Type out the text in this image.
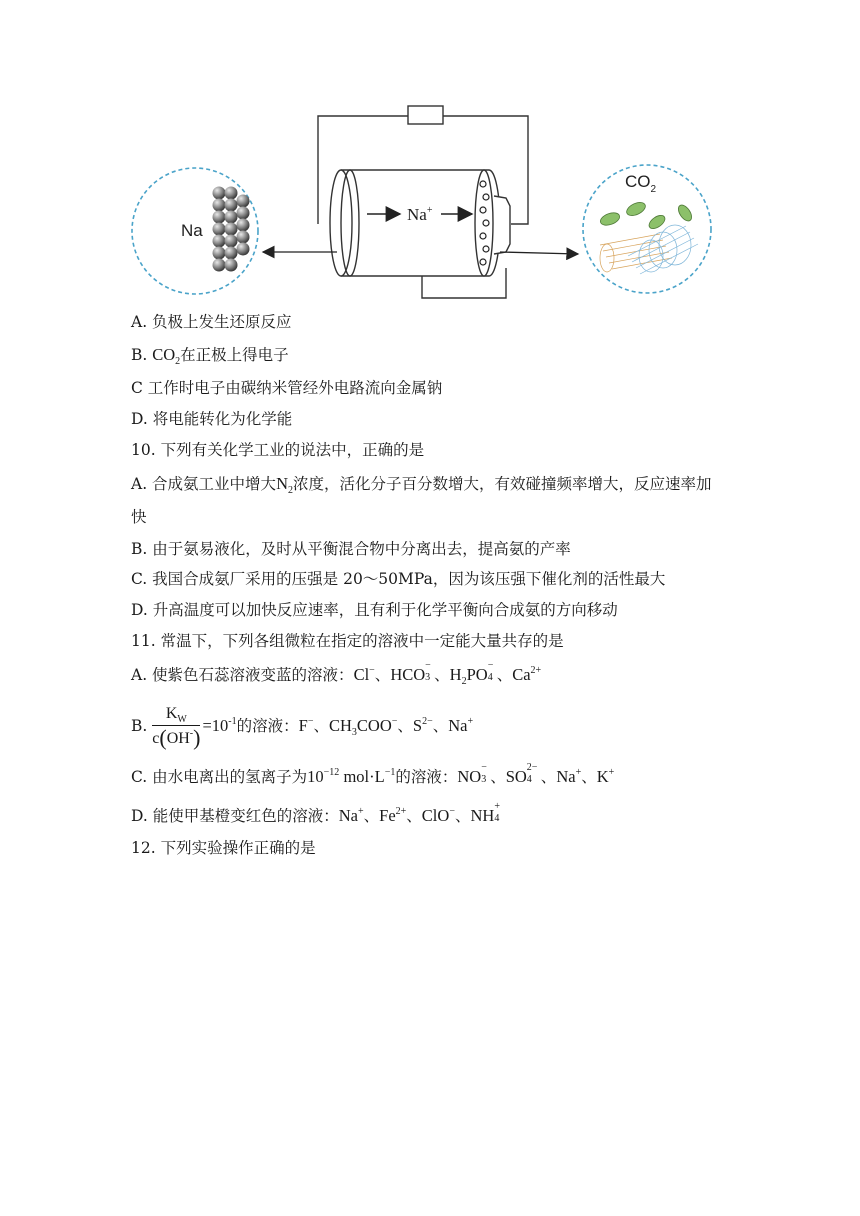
Na+
Na
$CO_2$
A. 负极上发生还原反应
B. $CO_2$在正极上得电子
C 工作时电子由碳纳米管经外电路流向金属钠
D. 将电能转化为化学能
10. 下列有关化学工业的说法中，正确的是
A. 合成氨工业中增大$N_2$浓度，活化分子百分数增大，有效碰撞频率增大，反应速率加
快
B. 由于氨易液化，及时从平衡混合物中分离出去，提高氨的产率
C. 我国合成氨厂采用的压强是 20～50MPa，因为该压强下催化剂的活性最大
D. 升高温度可以加快反应速率，且有利于化学平衡向合成氨的方向移动
11. 常温下，下列各组微粒在指定的溶液中一定能大量共存的是
A. 使紫色石蕊溶液变蓝的溶液：Cl−、HCO −
3 、$H_2PO$ −
4 、$Ca^{2+}$
B. $\frac{K_W}{c(OH^-)} =10^{-1}$的溶液：F−、$CH_3COO^-$、$S^{2-}$、Na+
C. 由水电离出的氢离子为$10^{-12}$ $mol\cdot L^{-1}$的溶液：NO −
3 、SO 2−
4 、Na+、K+
D. 能使甲基橙变红色的溶液：Na+、$Fe^{2+}$、ClO−、NH +
4
12. 下列实验操作正确的是
